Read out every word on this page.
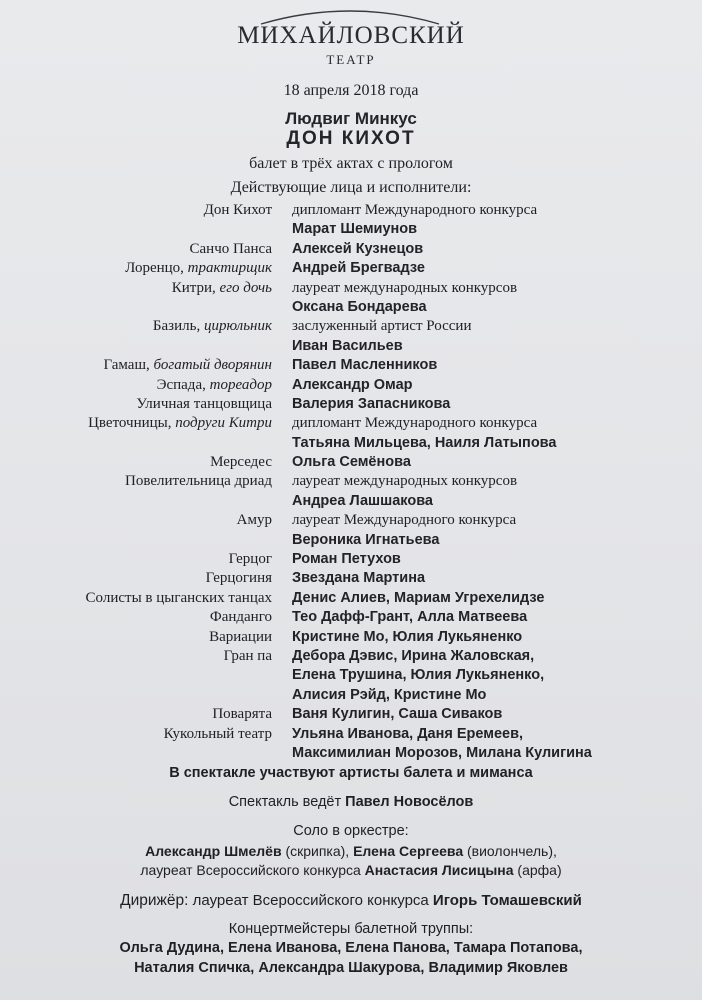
МИХАЙЛОВСКИЙ
ТЕАТР
18 апреля 2018 года
Людвиг Минкус
ДОН КИХОТ
балет в трёх актах с прологом
Действующие лица и исполнители:
Дон Кихот дипломант Международного конкурса
Марат Шемиунов
Санчо Панса Алексей Кузнецов
Лоренцо, трактирщик Андрей Брегвадзе
Китри, его дочь лауреат международных конкурсов
Оксана Бондарева
Базиль, цирюльник заслуженный артист России
Иван Васильев
Гамаш, богатый дворянин Павел Масленников
Эспада, тореадор Александр Омар
Уличная танцовщица Валерия Запасникова
Цветочницы, подруги Китри дипломант Международного конкурса
Татьяна Мильцева, Наиля Латыпова
Мерседес Ольга Семёнова
Повелительница дриад лауреат международных конкурсов
Андреа Лашшакова
Амур лауреат Международного конкурса
Вероника Игнатьева
Герцог Роман Петухов
Герцогиня Звездана Мартина
Солисты в цыганских танцах Денис Алиев, Мариам Угрехелидзе
Фанданго Тео Дафф-Грант, Алла Матвеева
Вариации Кристине Мо, Юлия Лукьяненко
Гран па Дебора Дэвис, Ирина Жаловская,
Елена Трушина, Юлия Лукьяненко,
Алисия Рэйд, Кристине Мо
Поварята Ваня Кулигин, Саша Сиваков
Кукольный театр Ульяна Иванова, Даня Еремеев,
Максимилиан Морозов, Милана Кулигина
В спектакле участвуют артисты балета и миманса
Спектакль ведёт Павел Новосёлов
Соло в оркестре:
Александр Шмелёв (скрипка), Елена Сергеева (виолончель),
лауреат Всероссийского конкурса Анастасия Лисицына (арфа)
Дирижёр: лауреат Всероссийского конкурса Игорь Томашевский
Концертмейстеры балетной труппы:
Ольга Дудина, Елена Иванова, Елена Панова, Тамара Потапова,
Наталия Спичка, Александра Шакурова, Владимир Яковлев
